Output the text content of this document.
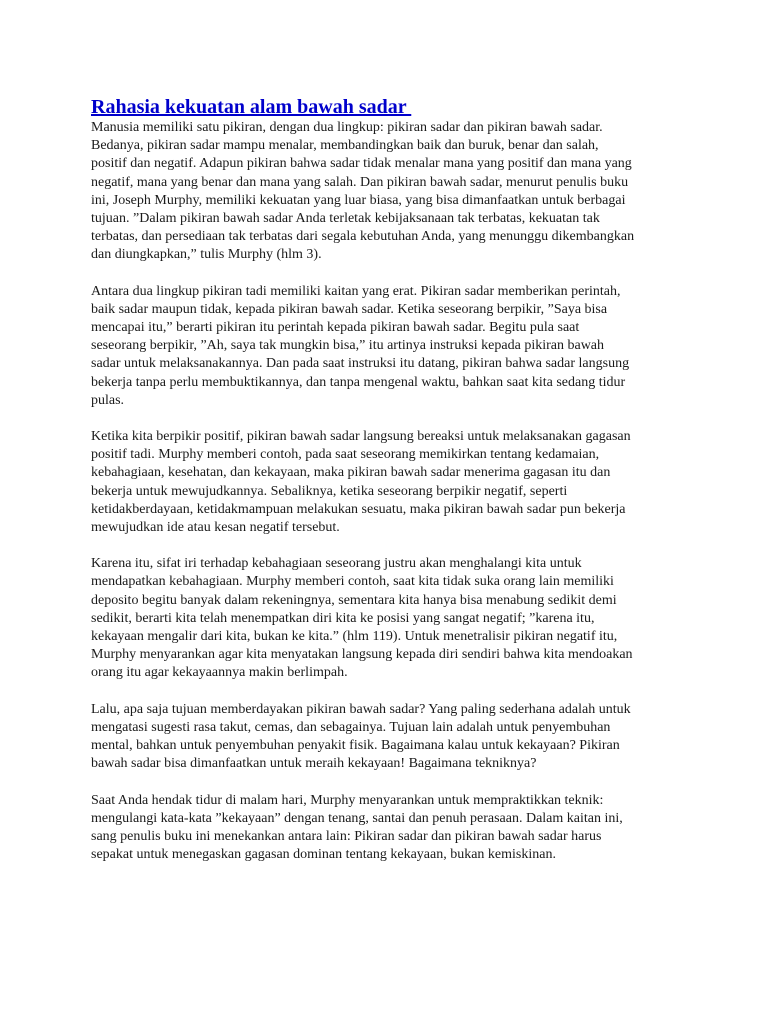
Rahasia kekuatan alam bawah sadar
Manusia memiliki satu pikiran, dengan dua lingkup: pikiran sadar dan pikiran bawah sadar.
Bedanya, pikiran sadar mampu menalar, membandingkan baik dan buruk, benar dan salah,
positif dan negatif. Adapun pikiran bahwa sadar tidak menalar mana yang positif dan mana yang
negatif, mana yang benar dan mana yang salah. Dan pikiran bawah sadar, menurut penulis buku
ini, Joseph Murphy, memiliki kekuatan yang luar biasa, yang bisa dimanfaatkan untuk berbagai
tujuan. ”Dalam pikiran bawah sadar Anda terletak kebijaksanaan tak terbatas, kekuatan tak
terbatas, dan persediaan tak terbatas dari segala kebutuhan Anda, yang menunggu dikembangkan
dan diungkapkan,” tulis Murphy (hlm 3).
Antara dua lingkup pikiran tadi memiliki kaitan yang erat. Pikiran sadar memberikan perintah,
baik sadar maupun tidak, kepada pikiran bawah sadar. Ketika seseorang berpikir, ”Saya bisa
mencapai itu,” berarti pikiran itu perintah kepada pikiran bawah sadar. Begitu pula saat
seseorang berpikir, ”Ah, saya tak mungkin bisa,” itu artinya instruksi kepada pikiran bawah
sadar untuk melaksanakannya. Dan pada saat instruksi itu datang, pikiran bahwa sadar langsung
bekerja tanpa perlu membuktikannya, dan tanpa mengenal waktu, bahkan saat kita sedang tidur
pulas.
Ketika kita berpikir positif, pikiran bawah sadar langsung bereaksi untuk melaksanakan gagasan
positif tadi. Murphy memberi contoh, pada saat seseorang memikirkan tentang kedamaian,
kebahagiaan, kesehatan, dan kekayaan, maka pikiran bawah sadar menerima gagasan itu dan
bekerja untuk mewujudkannya. Sebaliknya, ketika seseorang berpikir negatif, seperti
ketidakberdayaan, ketidakmampuan melakukan sesuatu, maka pikiran bawah sadar pun bekerja
mewujudkan ide atau kesan negatif tersebut.
Karena itu, sifat iri terhadap kebahagiaan seseorang justru akan menghalangi kita untuk
mendapatkan kebahagiaan. Murphy memberi contoh, saat kita tidak suka orang lain memiliki
deposito begitu banyak dalam rekeningnya, sementara kita hanya bisa menabung sedikit demi
sedikit, berarti kita telah menempatkan diri kita ke posisi yang sangat negatif; ”karena itu,
kekayaan mengalir dari kita, bukan ke kita.” (hlm 119). Untuk menetralisir pikiran negatif itu,
Murphy menyarankan agar kita menyatakan langsung kepada diri sendiri bahwa kita mendoakan
orang itu agar kekayaannya makin berlimpah.
Lalu, apa saja tujuan memberdayakan pikiran bawah sadar? Yang paling sederhana adalah untuk
mengatasi sugesti rasa takut, cemas, dan sebagainya. Tujuan lain adalah untuk penyembuhan
mental, bahkan untuk penyembuhan penyakit fisik. Bagaimana kalau untuk kekayaan? Pikiran
bawah sadar bisa dimanfaatkan untuk meraih kekayaan! Bagaimana tekniknya?
Saat Anda hendak tidur di malam hari, Murphy menyarankan untuk mempraktikkan teknik:
mengulangi kata-kata ”kekayaan” dengan tenang, santai dan penuh perasaan. Dalam kaitan ini,
sang penulis buku ini menekankan antara lain: Pikiran sadar dan pikiran bawah sadar harus
sepakat untuk menegaskan gagasan dominan tentang kekayaan, bukan kemiskinan.
